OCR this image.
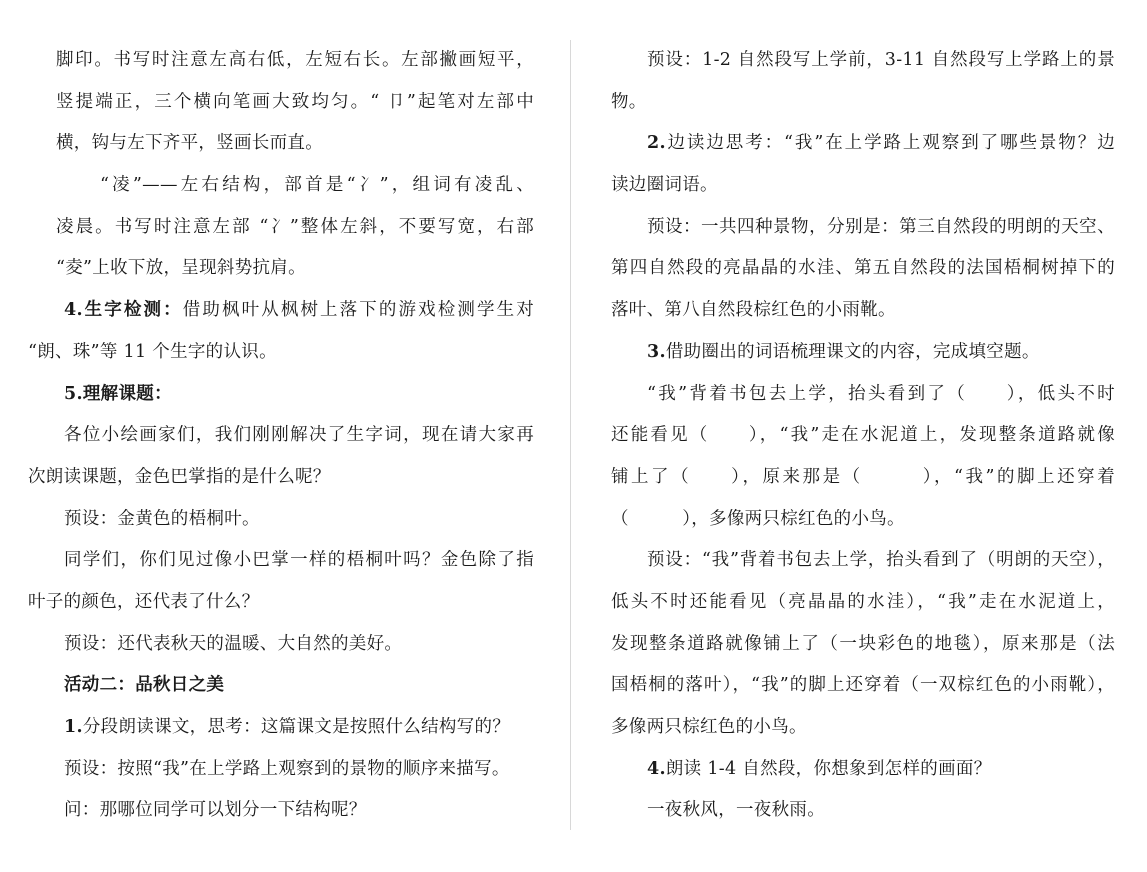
脚印。书写时注意左高右低，左短右长。左部撇画短平，
竖提端正，三个横向笔画大致均匀。“ 卩”起笔对左部中
横，钩与左下齐平，竖画长而直。
“凌”——左右结构，部首是“冫”，组词有凌乱、
凌晨。书写时注意左部 “冫”整体左斜，不要写宽，右部
“夌”上收下放，呈现斜势抗肩。
4.生字检测：借助枫叶从枫树上落下的游戏检测学生对
“朗、珠”等 11 个生字的认识。
5.理解课题：
各位小绘画家们，我们刚刚解决了生字词，现在请大家再
次朗读课题，金色巴掌指的是什么呢？
预设：金黄色的梧桐叶。
同学们，你们见过像小巴掌一样的梧桐叶吗？金色除了指
叶子的颜色，还代表了什么？
预设：还代表秋天的温暖、大自然的美好。
活动二：品秋日之美
1.分段朗读课文，思考：这篇课文是按照什么结构写的？
预设：按照“我”在上学路上观察到的景物的顺序来描写。
问：那哪位同学可以划分一下结构呢？
预设：1-2 自然段写上学前，3-11 自然段写上学路上的景
物。
2.边读边思考：“我”在上学路上观察到了哪些景物？边
读边圈词语。
预设：一共四种景物，分别是：第三自然段的明朗的天空、
第四自然段的亮晶晶的水洼、第五自然段的法国梧桐树掉下的
落叶、第八自然段棕红色的小雨靴。
3.借助圈出的词语梳理课文的内容，完成填空题。
“我”背着书包去上学，抬头看到了（　　），低头不时
还能看见（　　），“我”走在水泥道上，发现整条道路就像
铺上了（　　），原来那是（　　　），“我”的脚上还穿着
（　　　），多像两只棕红色的小鸟。
预设：“我”背着书包去上学，抬头看到了（明朗的天空），
低头不时还能看见（亮晶晶的水洼），“我”走在水泥道上，
发现整条道路就像铺上了（一块彩色的地毯），原来那是（法
国梧桐的落叶），“我”的脚上还穿着（一双棕红色的小雨靴），
多像两只棕红色的小鸟。
4.朗读 1-4 自然段，你想象到怎样的画面？
一夜秋风，一夜秋雨。
